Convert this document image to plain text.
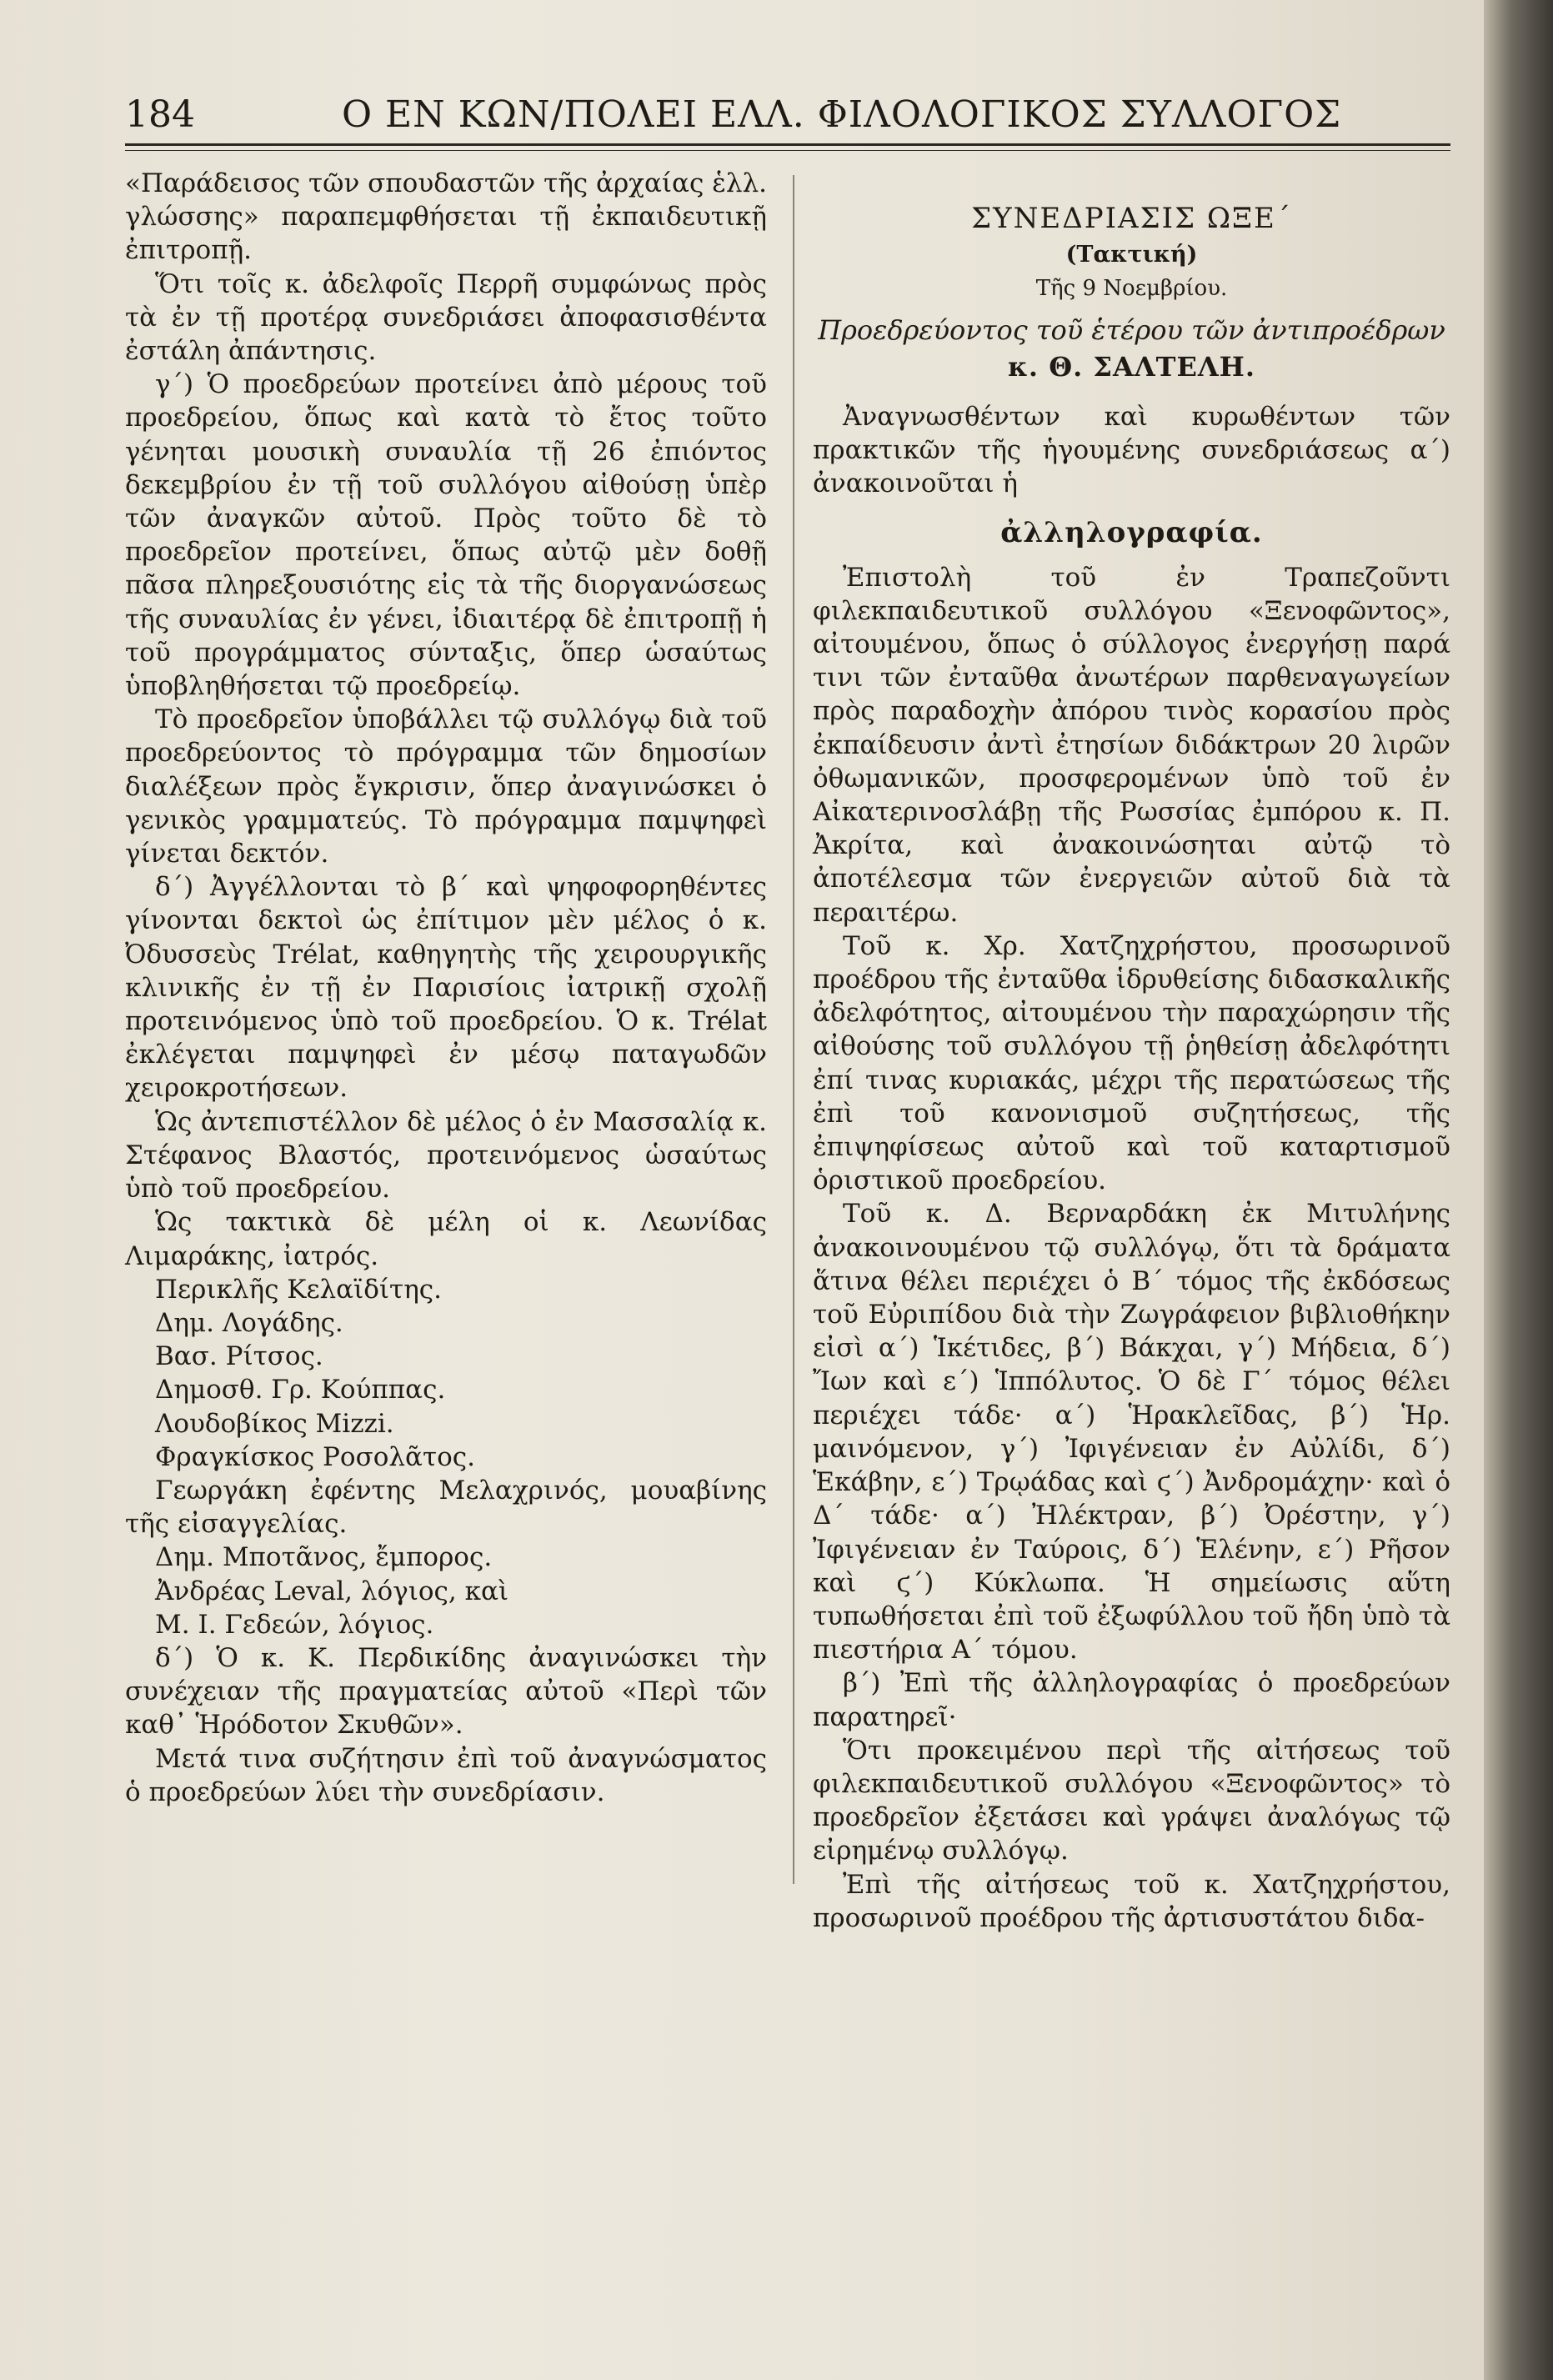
184	Ο ΕΝ ΚΩΝ/ΠΟΛΕΙ ΕΛΛ. ΦΙΛΟΛΟΓΙΚΟΣ ΣΥΛΛΟΓΟΣ

«Παράδεισος τῶν σπουδαστῶν τῆς ἀρχαίας ἑλλ. γλώσσης» παραπεμφθήσεται τῇ ἐκπαιδευτικῇ ἐπιτροπῇ.

Ὅτι τοῖς κ. ἀδελφοῖς Περρῆ συμφώνως πρὸς τὰ ἐν τῇ προτέρᾳ συνεδριάσει ἀποφασισθέντα ἐστάλη ἀπάντησις.

γ΄) Ὁ προεδρεύων προτείνει ἀπὸ μέρους τοῦ προεδρείου, ὅπως καὶ κατὰ τὸ ἔτος τοῦτο γένηται μουσικὴ συναυλία τῇ 26 ἐπιόντος δεκεμβρίου ἐν τῇ τοῦ συλλόγου αἰθούσῃ ὑπὲρ τῶν ἀναγκῶν αὐτοῦ. Πρὸς τοῦτο δὲ τὸ προεδρεῖον προτείνει, ὅπως αὐτῷ μὲν δοθῇ πᾶσα πληρεξουσιότης εἰς τὰ τῆς διοργανώσεως τῆς συναυλίας ἐν γένει, ἰδιαιτέρᾳ δὲ ἐπιτροπῇ ἡ τοῦ προγράμματος σύνταξις, ὅπερ ὡσαύτως ὑποβληθήσεται τῷ προεδρείῳ.

Τὸ προεδρεῖον ὑποβάλλει τῷ συλλόγῳ διὰ τοῦ προεδρεύοντος τὸ πρόγραμμα τῶν δημοσίων διαλέξεων πρὸς ἔγκρισιν, ὅπερ ἀναγινώσκει ὁ γενικὸς γραμματεύς. Τὸ πρόγραμμα παμψηφεὶ γίνεται δεκτόν.

δ΄) Ἀγγέλλονται τὸ β΄ καὶ ψηφοφορηθέντες γίνονται δεκτοὶ ὡς ἐπίτιμον μὲν μέλος ὁ κ. Ὀδυσσεὺς Trélat, καθηγητὴς τῆς χειρουργικῆς κλινικῆς ἐν τῇ ἐν Παρισίοις ἰατρικῇ σχολῇ προτεινόμενος ὑπὸ τοῦ προεδρείου. Ὁ κ. Trélat ἐκλέγεται παμψηφεὶ ἐν μέσῳ παταγωδῶν χειροκροτήσεων.

Ὡς ἀντεπιστέλλον δὲ μέλος ὁ ἐν Μασσαλίᾳ κ. Στέφανος Βλαστός, προτεινόμενος ὡσαύτως ὑπὸ τοῦ προεδρείου.

Ὡς τακτικὰ δὲ μέλη οἱ κ. Λεωνίδας Λιμαράκης, ἰατρός.

Περικλῆς Κελαϊδίτης.

Δημ. Λογάδης.

Βασ. Ρίτσος.

Δημοσθ. Γρ. Κούππας.

Λουδοβίκος Mizzi.

Φραγκίσκος Ροσολᾶτος.

Γεωργάκη ἐφέντης Μελαχρινός, μουαβίνης τῆς εἰσαγγελίας.

Δημ. Μποτᾶνος, ἔμπορος.

Ἀνδρέας Leval, λόγιος, καὶ

Μ. Ι. Γεδεών, λόγιος.

δ΄) Ὁ κ. Κ. Περδικίδης ἀναγινώσκει τὴν συνέχειαν τῆς πραγματείας αὐτοῦ «Περὶ τῶν καθ᾽ Ἡρόδοτον Σκυθῶν».

Μετά τινα συζήτησιν ἐπὶ τοῦ ἀναγνώσματος ὁ προεδρεύων λύει τὴν συνεδρίασιν.

ΣΥΝΕΔΡΙΑΣΙΣ ΩΞΕ΄

(Τακτική)

Τῆς 9 Νοεμβρίου.

Προεδρεύοντος τοῦ ἑτέρου τῶν ἀντιπροέδρων

κ. Θ. ΣΑΛΤΕΛΗ.

Ἀναγνωσθέντων καὶ κυρωθέντων τῶν πρακτικῶν τῆς ἡγουμένης συνεδριάσεως α΄) ἀνακοινοῦται ἡ

ἀλληλογραφία.

Ἐπιστολὴ τοῦ ἐν Τραπεζοῦντι φιλεκπαιδευτικοῦ συλλόγου «Ξενοφῶντος», αἰτουμένου, ὅπως ὁ σύλλογος ἐνεργήσῃ παρά τινι τῶν ἐνταῦθα ἀνωτέρων παρθεναγωγείων πρὸς παραδοχὴν ἀπόρου τινὸς κορασίου πρὸς ἐκπαίδευσιν ἀντὶ ἐτησίων διδάκτρων 20 λιρῶν ὀθωμανικῶν, προσφερομένων ὑπὸ τοῦ ἐν Αἰκατερινοσλάβῃ τῆς Ρωσσίας ἐμπόρου κ. Π. Ἀκρίτα, καὶ ἀνακοινώσηται αὐτῷ τὸ ἀποτέλεσμα τῶν ἐνεργειῶν αὐτοῦ διὰ τὰ περαιτέρω.

Τοῦ κ. Χρ. Χατζηχρήστου, προσωρινοῦ προέδρου τῆς ἐνταῦθα ἱδρυθείσης διδασκαλικῆς ἀδελφότητος, αἰτουμένου τὴν παραχώρησιν τῆς αἰθούσης τοῦ συλλόγου τῇ ῥηθείσῃ ἀδελφότητι ἐπί τινας κυριακάς, μέχρι τῆς περατώσεως τῆς ἐπὶ τοῦ κανονισμοῦ συζητήσεως, τῆς ἐπιψηφίσεως αὐτοῦ καὶ τοῦ καταρτισμοῦ ὁριστικοῦ προεδρείου.

Τοῦ κ. Δ. Βερναρδάκη ἐκ Μιτυλήνης ἀνακοινουμένου τῷ συλλόγῳ, ὅτι τὰ δράματα ἅτινα θέλει περιέχει ὁ Β΄ τόμος τῆς ἐκδόσεως τοῦ Εὐριπίδου διὰ τὴν Ζωγράφειον βιβλιοθήκην εἰσὶ α΄) Ἱκέτιδες, β΄) Βάκχαι, γ΄) Μήδεια, δ΄) Ἴων καὶ ε΄) Ἱππόλυτος. Ὁ δὲ Γ΄ τόμος θέλει περιέχει τάδε· α΄) Ἡρακλεῖδας, β΄) Ἡρ. μαινόμενον, γ΄) Ἰφιγένειαν ἐν Αὐλίδι, δ΄) Ἑκάβην, ε΄) Τρῳάδας καὶ ϛ΄) Ἀνδρομάχην· καὶ ὁ Δ΄ τάδε· α΄) Ἠλέκτραν, β΄) Ὀρέστην, γ΄) Ἰφιγένειαν ἐν Ταύροις, δ΄) Ἑλένην, ε΄) Ρῆσον καὶ ϛ΄) Κύκλωπα. Ἡ σημείωσις αὕτη τυπωθήσεται ἐπὶ τοῦ ἐξωφύλλου τοῦ ἤδη ὑπὸ τὰ πιεστήρια Α΄ τόμου.

β΄) Ἐπὶ τῆς ἀλληλογραφίας ὁ προεδρεύων παρατηρεῖ·

Ὅτι προκειμένου περὶ τῆς αἰτήσεως τοῦ φιλεκπαιδευτικοῦ συλλόγου «Ξενοφῶντος» τὸ προεδρεῖον ἐξετάσει καὶ γράψει ἀναλόγως τῷ εἰρημένῳ συλλόγῳ.

Ἐπὶ τῆς αἰτήσεως τοῦ κ. Χατζηχρήστου, προσωρινοῦ προέδρου τῆς ἀρτισυστάτου διδα-
